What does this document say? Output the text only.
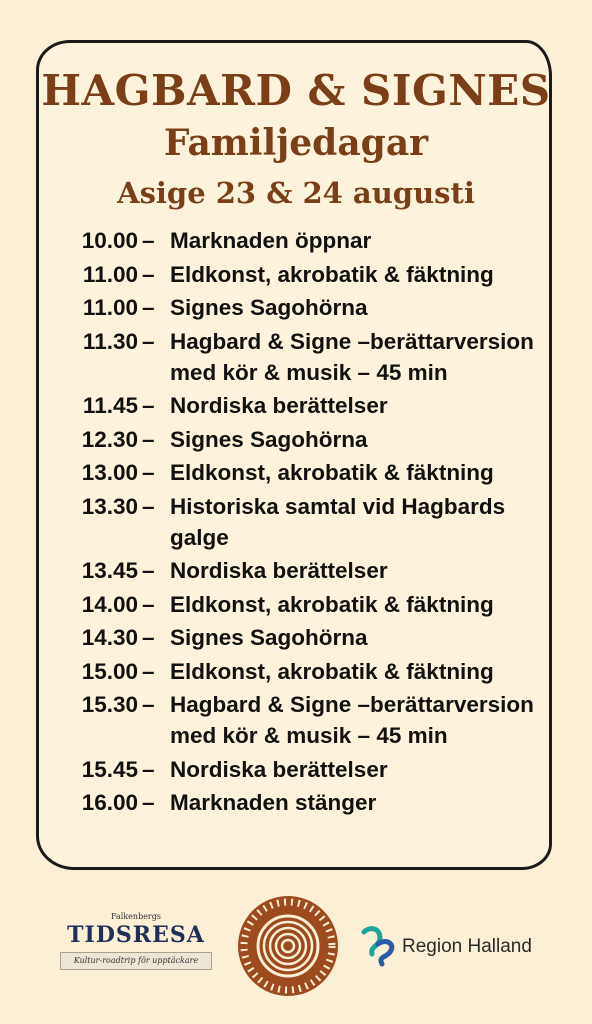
HAGBARD & SIGNES
Familjedagar
Asige 23 & 24 augusti
10.00 – Marknaden öppnar
11.00 – Eldkonst, akrobatik & fäktning
11.00 – Signes Sagohörna
11.30 – Hagbard & Signe –berättarversion
med kör & musik – 45 min
11.45 – Nordiska berättelser
12.30 – Signes Sagohörna
13.00 – Eldkonst, akrobatik & fäktning
13.30 – Historiska samtal vid Hagbards
galge
13.45 – Nordiska berättelser
14.00 – Eldkonst, akrobatik & fäktning
14.30 – Signes Sagohörna
15.00 – Eldkonst, akrobatik & fäktning
15.30 – Hagbard & Signe –berättarversion
med kör & musik – 45 min
15.45 – Nordiska berättelser
16.00 – Marknaden stänger
Falkenbergs
TIDSRESA
Kultur-roadtrip för upptäckare
Region Halland
